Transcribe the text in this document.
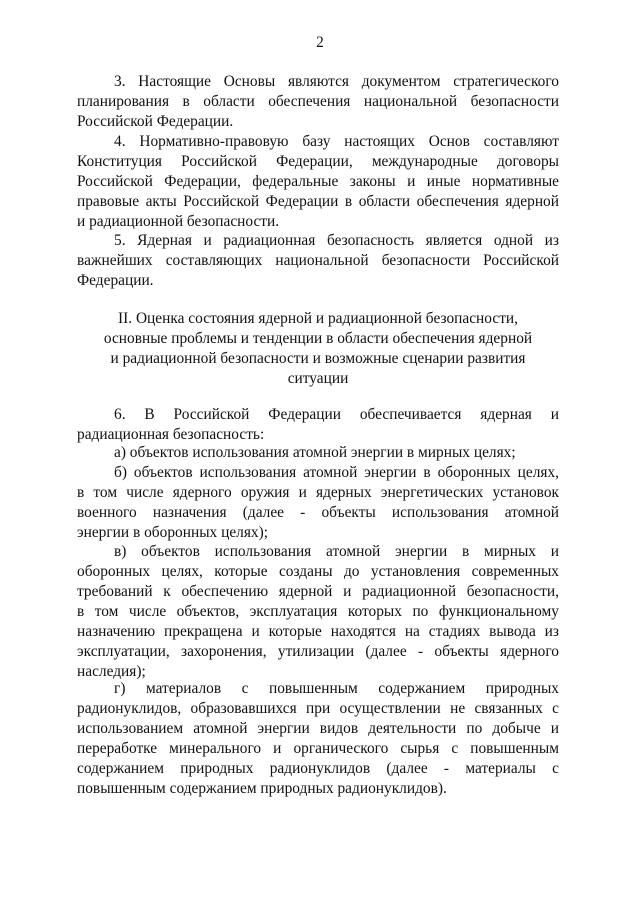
2
3. Настоящие Основы являются документом стратегического
планирования в области обеспечения национальной безопасности
Российской Федерации.
4. Нормативно-правовую базу настоящих Основ составляют
Конституция Российской Федерации, международные договоры
Российской Федерации, федеральные законы и иные нормативные
правовые акты Российской Федерации в области обеспечения ядерной
и радиационной безопасности.
5. Ядерная и радиационная безопасность является одной из
важнейших составляющих национальной безопасности Российской
Федерации.
II. Оценка состояния ядерной и радиационной безопасности,
основные проблемы и тенденции в области обеспечения ядерной
и радиационной безопасности и возможные сценарии развития
ситуации
6. В Российской Федерации обеспечивается ядерная и
радиационная безопасность:
а) объектов использования атомной энергии в мирных целях;
б) объектов использования атомной энергии в оборонных целях,
в том числе ядерного оружия и ядерных энергетических установок
военного назначения (далее - объекты использования атомной
энергии в оборонных целях);
в) объектов использования атомной энергии в мирных и
оборонных целях, которые созданы до установления современных
требований к обеспечению ядерной и радиационной безопасности,
в том числе объектов, эксплуатация которых по функциональному
назначению прекращена и которые находятся на стадиях вывода из
эксплуатации, захоронения, утилизации (далее - объекты ядерного
наследия);
г) материалов с повышенным содержанием природных
радионуклидов, образовавшихся при осуществлении не связанных с
использованием атомной энергии видов деятельности по добыче и
переработке минерального и органического сырья с повышенным
содержанием природных радионуклидов (далее - материалы с
повышенным содержанием природных радионуклидов).
